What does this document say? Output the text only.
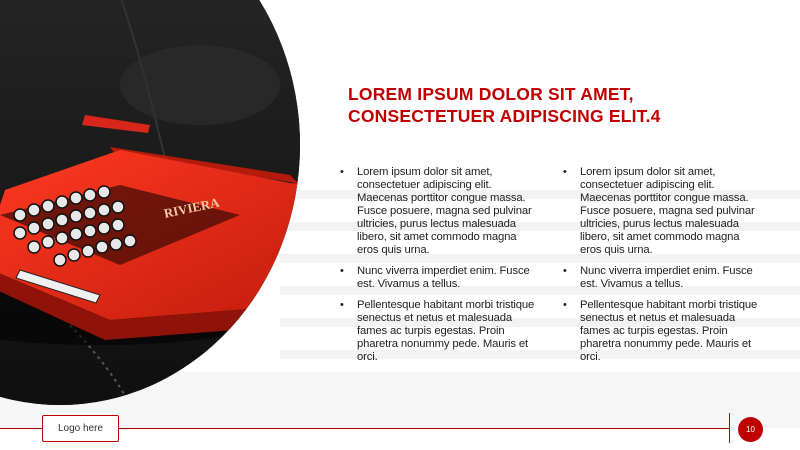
RIVIERA
LOREM IPSUM DOLOR SIT AMET,
CONSECTETUER ADIPISCING ELIT.4
• Lorem ipsum dolor sit amet, consectetuer adipiscing elit. Maecenas porttitor congue massa. Fusce posuere, magna sed pulvinar ultricies, purus lectus malesuada libero, sit amet commodo magna eros quis urna.
• Nunc viverra imperdiet enim. Fusce est. Vivamus a tellus.
• Pellentesque habitant morbi tristique senectus et netus et malesuada fames ac turpis egestas. Proin pharetra nonummy pede. Mauris et orci.
• Lorem ipsum dolor sit amet, consectetuer adipiscing elit. Maecenas porttitor congue massa. Fusce posuere, magna sed pulvinar ultricies, purus lectus malesuada libero, sit amet commodo magna eros quis urna.
• Nunc viverra imperdiet enim. Fusce est. Vivamus a tellus.
• Pellentesque habitant morbi tristique senectus et netus et malesuada fames ac turpis egestas. Proin pharetra nonummy pede. Mauris et orci.
Logo here	10
